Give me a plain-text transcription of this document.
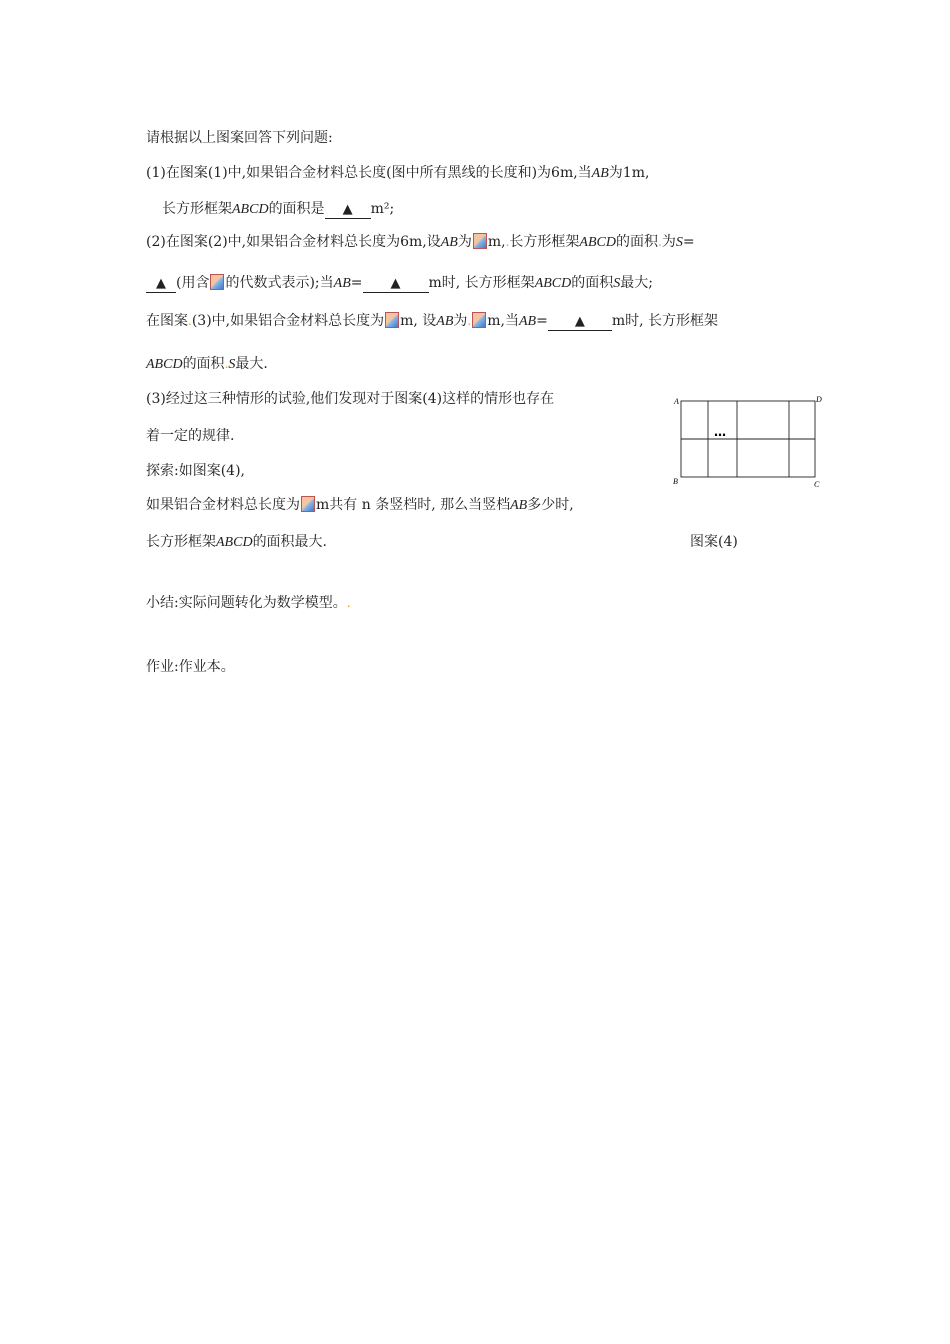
请根据以上图案回答下列问题:
(1)在图案(1)中,如果铝合金材料总长度(图中所有黑线的长度和)为6m,当AB为1m,
长方形框架ABCD的面积是 ▲ m²;
(2)在图案(2)中,如果铝合金材料总长度为6m,设AB为 m,.长方形框架ABCD的面积.为S=
▲ (用含 的代数式表示);当AB= ▲ m时, 长方形框架ABCD的面积S最大;
在图案.(3)中,如果铝合金材料总长度为 m, 设AB为. m,当AB= ▲ m时, 长方形框架
ABCD的面积.S最大.
(3)经过这三种情形的试验,他们发现对于图案(4)这样的情形也存在
着一定的规律.
探索:如图案(4),
如果铝合金材料总长度为 m共有 n 条竖档时, 那么当竖档AB多少时,
长方形框架ABCD的面积最大.
A	D
B	C
…
图案(4)
小结:实际问题转化为数学模型。.
作业:作业本。
